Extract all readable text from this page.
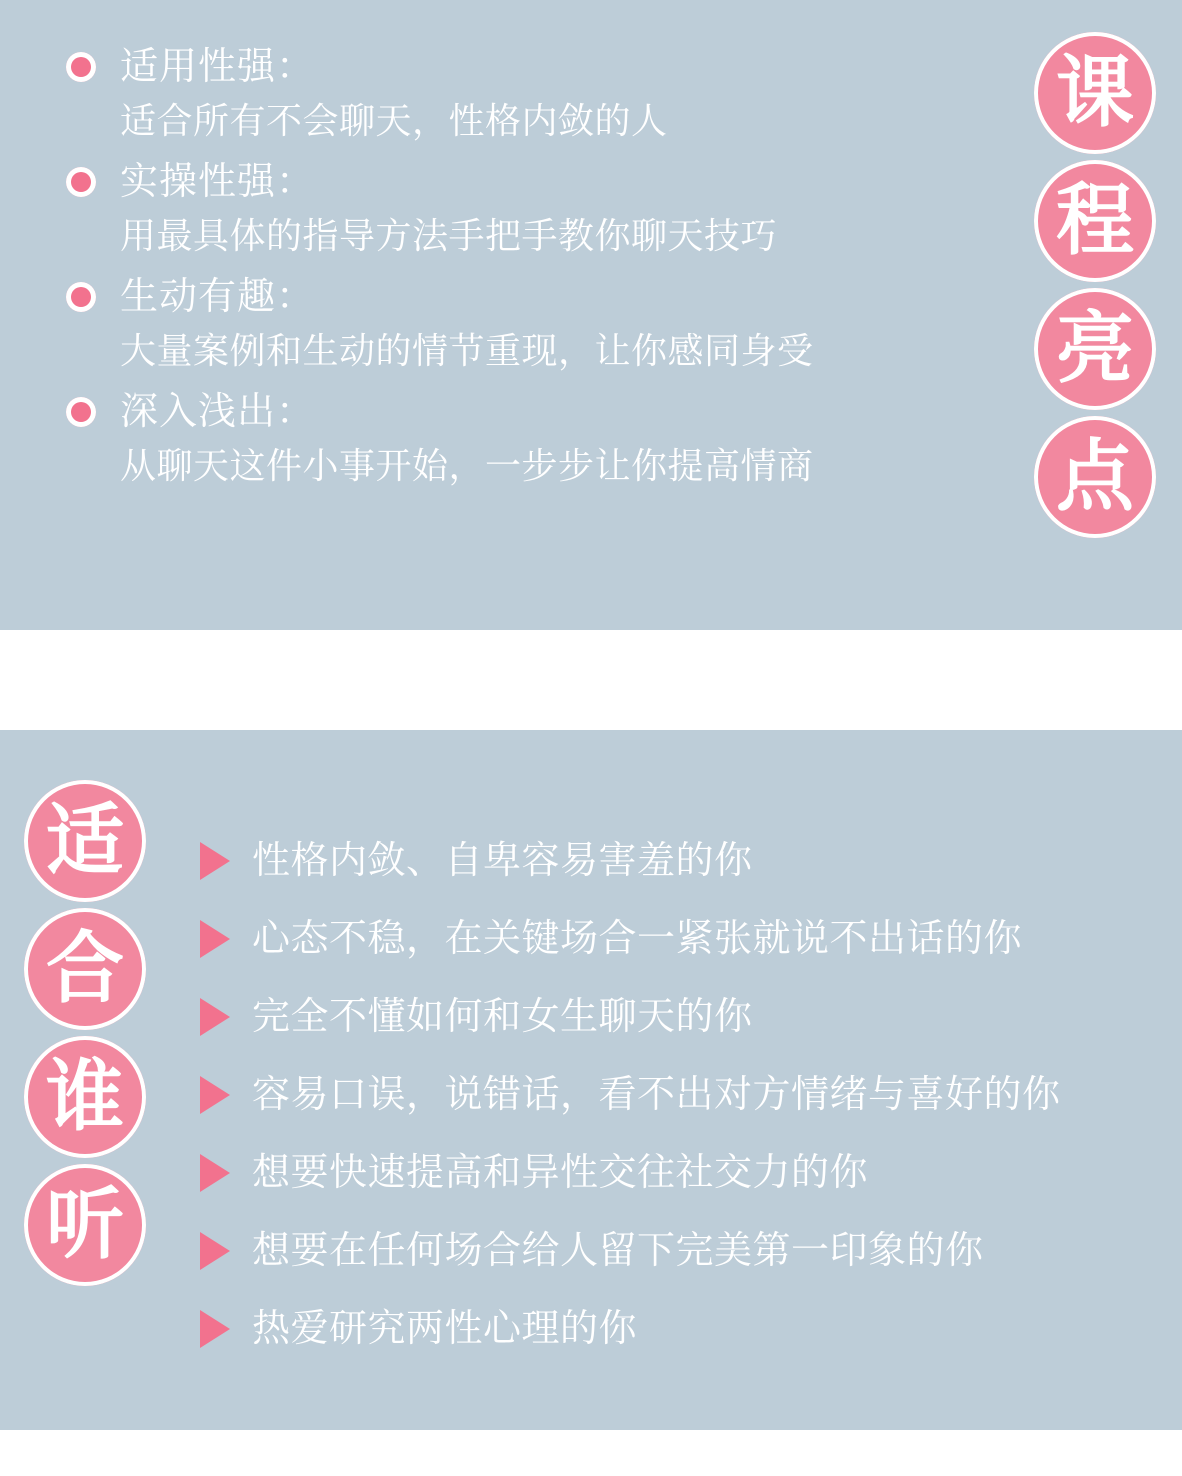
适用性强：
适合所有不会聊天，性格内敛的人
实操性强：
用最具体的指导方法手把手教你聊天技巧
生动有趣：
大量案例和生动的情节重现，让你感同身受
深入浅出：
从聊天这件小事开始，一步步让你提高情商
课
程
亮
点
适
合
谁
听
性格内敛、自卑容易害羞的你
心态不稳，在关键场合一紧张就说不出话的你
完全不懂如何和女生聊天的你
容易口误，说错话，看不出对方情绪与喜好的你
想要快速提高和异性交往社交力的你
想要在任何场合给人留下完美第一印象的你
热爱研究两性心理的你
